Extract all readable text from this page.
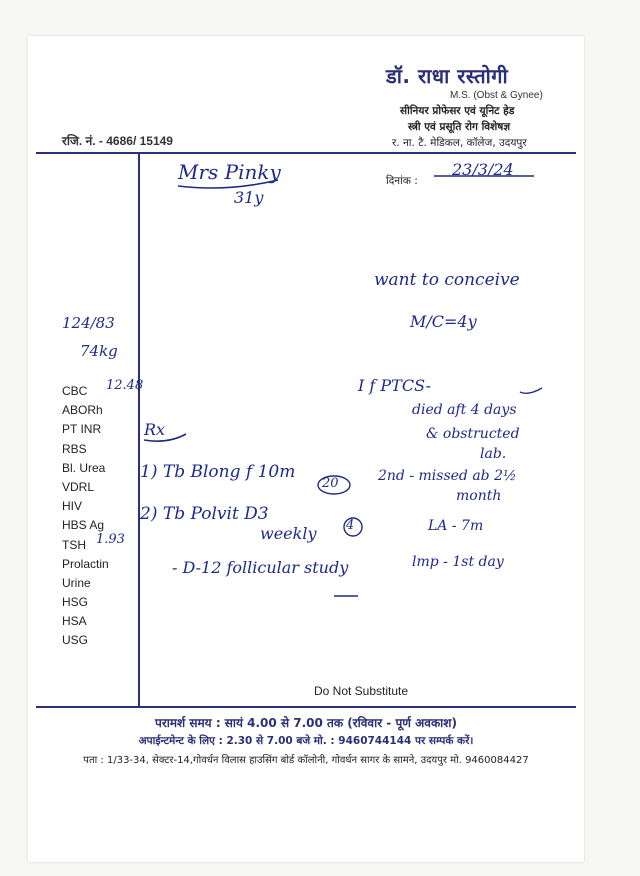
डॉ. राधा रस्तोगी
M.S. (Obst & Gynee)
सीनियर प्रोफेसर एवं यूनिट हेड
स्त्री एवं प्रसूति रोग विशेषज्ञ
र. ना. टै. मेडिकल, कॉलेज, उदयपुर
रजि. नं. - 4686/ 15149
दिनांक :
CBC
ABORh
PT INR
RBS
Bl. Urea
VDRL
HIV
HBS Ag
TSH
Prolactin
Urine
HSG
HSA
USG
Mrs Pinky
31y
23/3/24
124/83
74kg
12.48
1.93
Rx
1) Tb Blong f 10m
20
2) Tb Polvit D3
weekly 4
- D-12 follicular study
want to conceive
M/C=4y
I f PTCS-
died aft 4 days
& obstructed
lab.
2nd - missed ab 2½
month
LA - 7m
lmp - 1st day
Do Not Substitute
परामर्श समय : सायं 4.00 से 7.00 तक (रविवार - पूर्ण अवकाश)
अपाईन्टमेन्ट के लिए : 2.30 से 7.00 बजे मो. : 9460744144 पर सम्पर्क करें।
पता : 1/33-34, सेक्टर-14,गोवर्धन विलास हाउसिंग बोर्ड कॉलोनी, गोवर्धन सागर के सामने, उदयपुर मो. 9460084427
